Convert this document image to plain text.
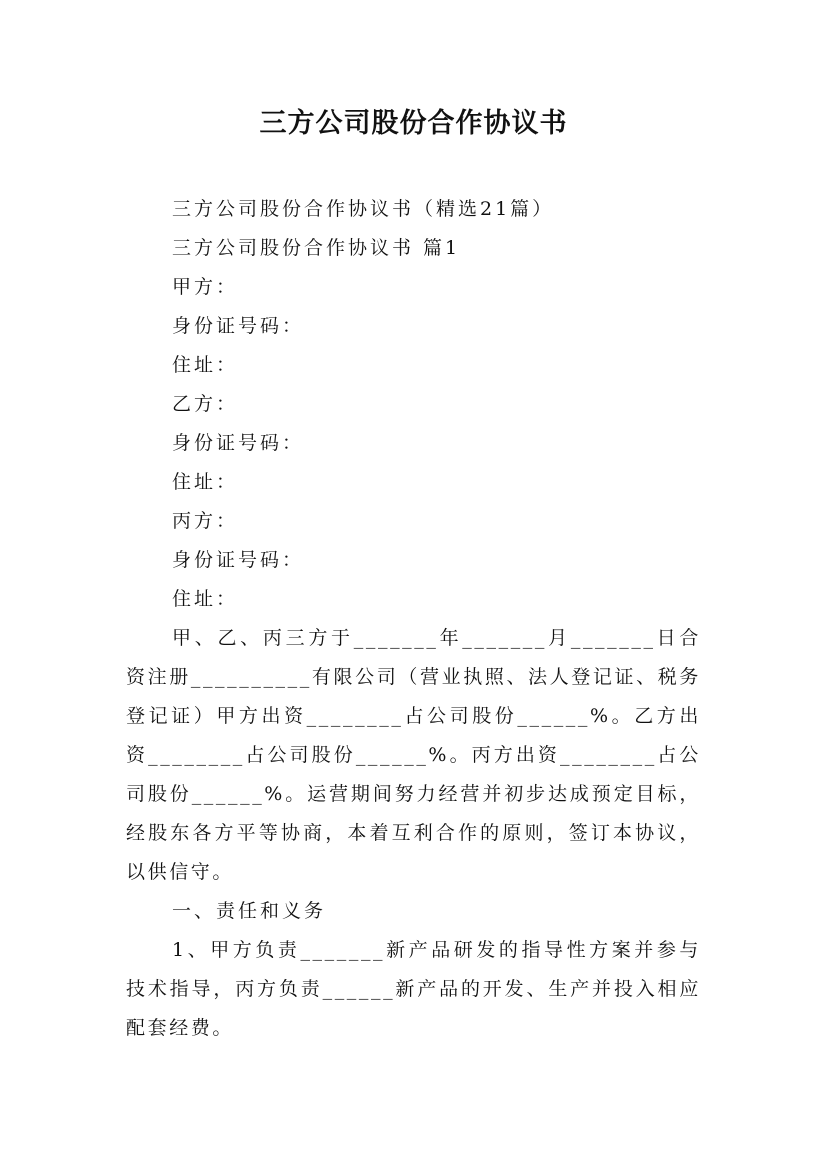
三方公司股份合作协议书
三方公司股份合作协议书（精选21篇）
三方公司股份合作协议书 篇1
甲方：
身份证号码：
住址：
乙方：
身份证号码：
住址：
丙方：
身份证号码：
住址：

甲、乙、丙三方于_______年_______月_______日合资注册__________有限公司（营业执照、法人登记证、税务登记证）甲方出资________占公司股份______%。乙方出资________占公司股份______%。丙方出资________占公司股份______%。运营期间努力经营并初步达成预定目标，经股东各方平等协商，本着互利合作的原则，签订本协议，以供信守。

一、责任和义务

1、甲方负责_______新产品研发的指导性方案并参与技术指导，丙方负责______新产品的开发、生产并投入相应配套经费。
